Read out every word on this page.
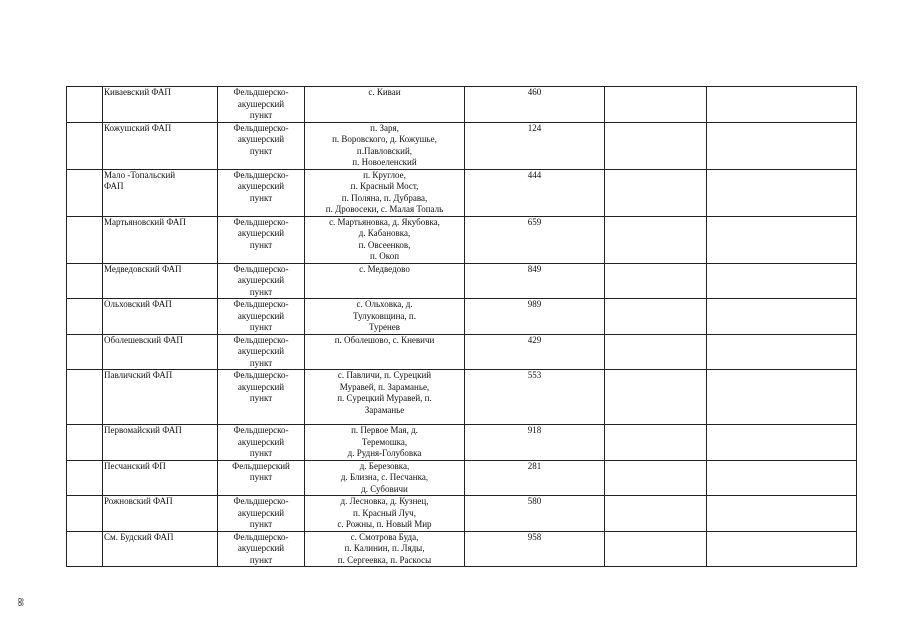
	Киваевский ФАП	Фельдшерско-
акушерский
пункт	с. Киваи	460		
	Кожушский ФАП	Фельдшерско-
акушерский
пункт	п. Заря,
п. Воровского, д. Кожушье,
п.Павловский,
п. Новоеленский	124		
	Мало -Топальский
ФАП	Фельдшерско-
акушерский
пункт	п. Круглое,
п. Красный Мост,
п. Поляна, п. Дубрава,
п. Дровосеки, с. Малая Топаль	444		
	Мартьяновский ФАП	Фельдшерско-
акушерский
пункт	с. Мартьяновка, д. Якубовка,
д. Кабановка,
п. Овсеенков,
п. Окоп	659		
	Медведовский ФАП	Фельдшерско-
акушерский
пункт	с. Медведово	849		
	Ольховский ФАП	Фельдшерско-
акушерский
пункт	с. Ольховка, д.
Тулуковщина, п.
Туренев	989		
	Оболешевский ФАП	Фельдшерско-
акушерский
пункт	п. Оболешово, с. Кневичи	429		
	Павличский ФАП	Фельдшерско-
акушерский
пункт	с. Павличи, п. Сурецкий
Муравей, п. Зараманье,
п. Сурецкий Муравей, п.
Зараманье	553		
	Первомайский ФАП	Фельдшерско-
акушерский
пункт	п. Первое Мая, д.
Теремошка,
д. Рудня-Голубовка	918		
	Песчанский ФП	Фельдшерский
пункт	д. Березовка,
д. Близна, с. Песчанка,
д. Субовичи	281		
	Рожновский ФАП	Фельдшерско-
акушерский
пункт	д. Лесновка, д. Кузнец,
п. Красный Луч,
с. Рожны, п. Новый Мир	580		
	См. Будский ФАП	Фельдшерско-
акушерский
пункт	с. Смотрова Буда,
п. Калинин, п. Ляды,
п. Сергеевка, п. Раскосы	958		
88
